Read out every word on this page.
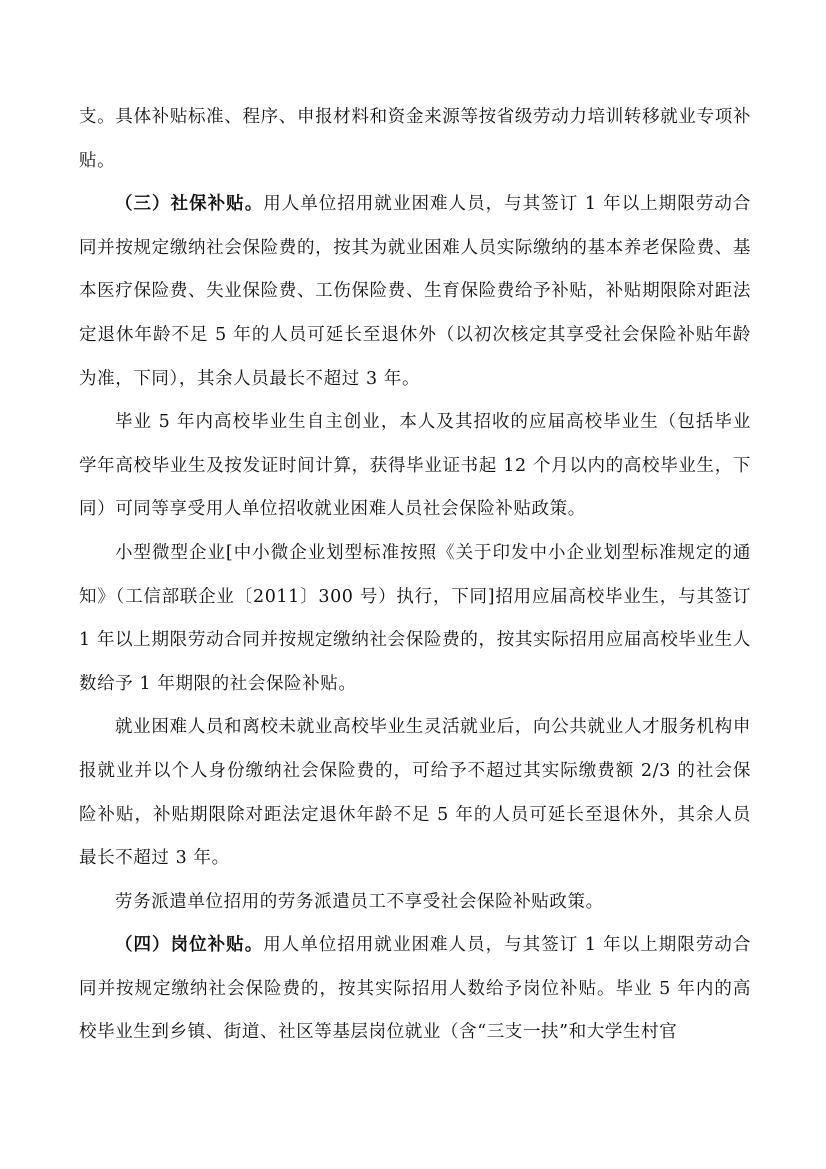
支。具体补贴标准、程序、申报材料和资金来源等按省级劳动力培训转移就业专项补贴。

（三）社保补贴。用人单位招用就业困难人员，与其签订 1 年以上期限劳动合同并按规定缴纳社会保险费的，按其为就业困难人员实际缴纳的基本养老保险费、基本医疗保险费、失业保险费、工伤保险费、生育保险费给予补贴，补贴期限除对距法定退休年龄不足 5 年的人员可延长至退休外（以初次核定其享受社会保险补贴年龄为准，下同），其余人员最长不超过 3 年。

毕业 5 年内高校毕业生自主创业，本人及其招收的应届高校毕业生（包括毕业学年高校毕业生及按发证时间计算，获得毕业证书起 12 个月以内的高校毕业生，下同）可同等享受用人单位招收就业困难人员社会保险补贴政策。

小型微型企业[中小微企业划型标准按照《关于印发中小企业划型标准规定的通知》（工信部联企业〔2011〕300 号）执行，下同]招用应届高校毕业生，与其签订 1 年以上期限劳动合同并按规定缴纳社会保险费的，按其实际招用应届高校毕业生人数给予 1 年期限的社会保险补贴。

就业困难人员和离校未就业高校毕业生灵活就业后，向公共就业人才服务机构申报就业并以个人身份缴纳社会保险费的，可给予不超过其实际缴费额 2/3 的社会保险补贴，补贴期限除对距法定退休年龄不足 5 年的人员可延长至退休外，其余人员最长不超过 3 年。

劳务派遣单位招用的劳务派遣员工不享受社会保险补贴政策。

（四）岗位补贴。用人单位招用就业困难人员，与其签订 1 年以上期限劳动合同并按规定缴纳社会保险费的，按其实际招用人数给予岗位补贴。毕业 5 年内的高校毕业生到乡镇、街道、社区等基层岗位就业（含“三支一扶”和大学生村官
